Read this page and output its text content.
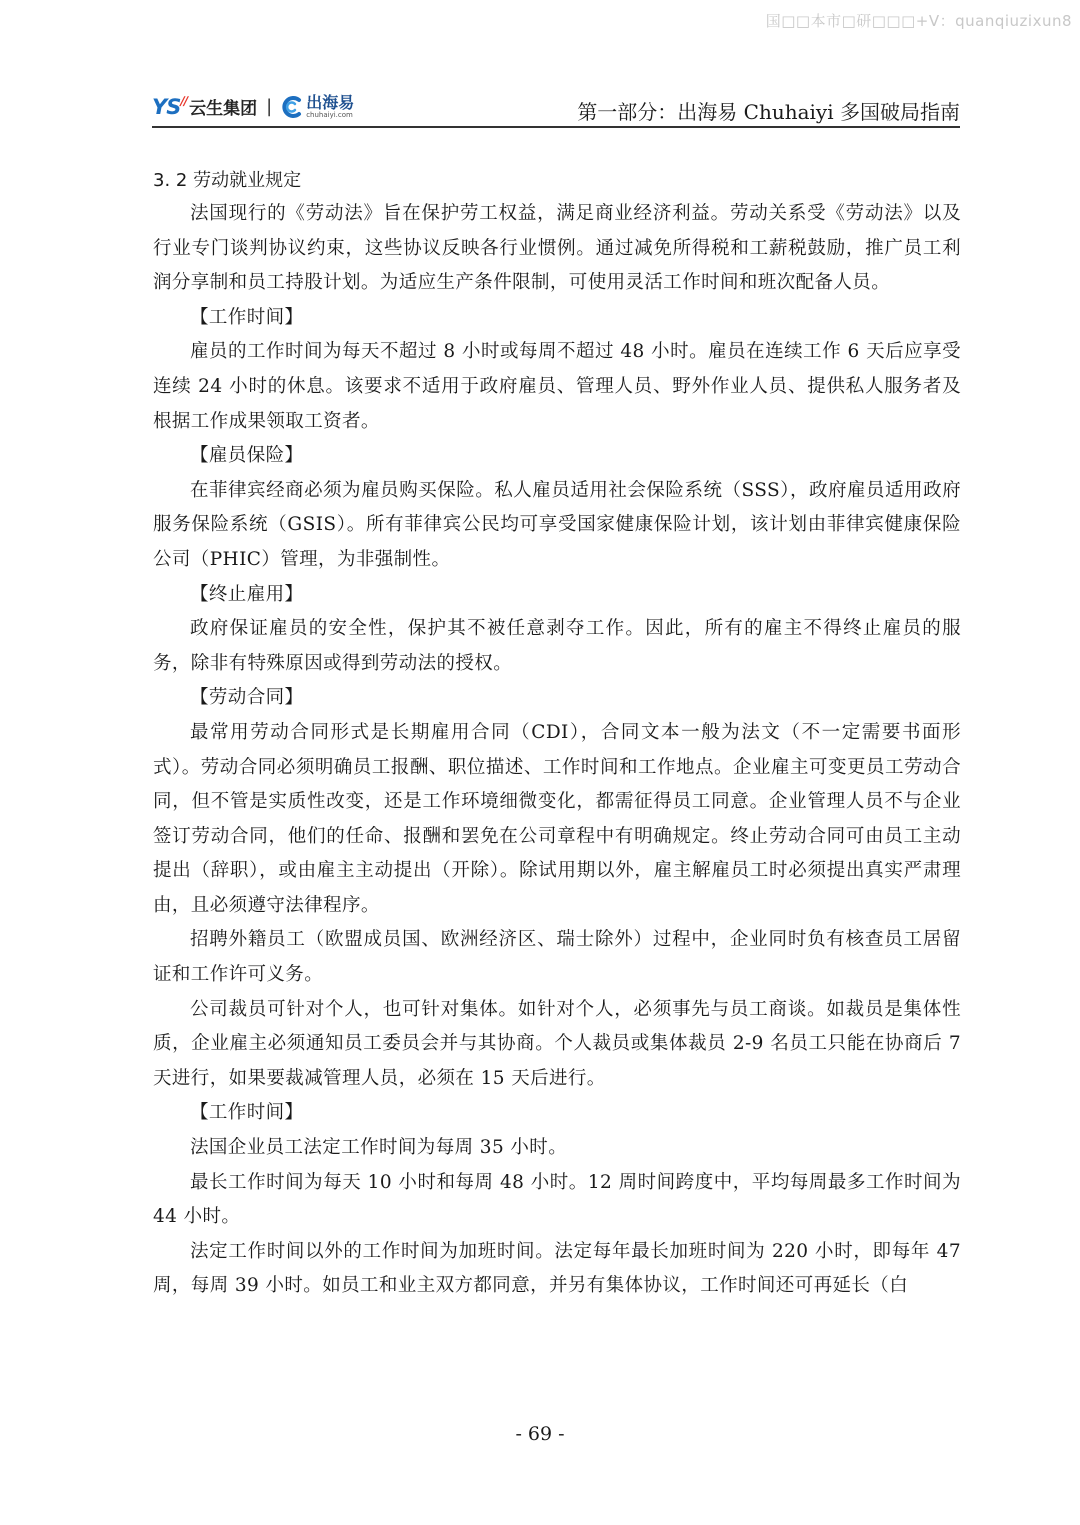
国□□本市□研□□□+V：quanqiuzixun8
YS∕∕ 云生集团 | 出海易
chuhaiyi.com	第一部分：出海易 Chuhaiyi 多国破局指南

3. 2 劳动就业规定

法国现行的《劳动法》旨在保护劳工权益，满足商业经济利益。劳动关系受《劳动法》以及行业专门谈判协议约束，这些协议反映各行业惯例。通过减免所得税和工薪税鼓励，推广员工利润分享制和员工持股计划。为适应生产条件限制，可使用灵活工作时间和班次配备人员。

【工作时间】

雇员的工作时间为每天不超过 8 小时或每周不超过 48 小时。雇员在连续工作 6 天后应享受连续 24 小时的休息。该要求不适用于政府雇员、管理人员、野外作业人员、提供私人服务者及根据工作成果领取工资者。

【雇员保险】

在菲律宾经商必须为雇员购买保险。私人雇员适用社会保险系统（SSS），政府雇员适用政府服务保险系统（GSIS）。所有菲律宾公民均可享受国家健康保险计划，该计划由菲律宾健康保险公司（PHIC）管理，为非强制性。

【终止雇用】

政府保证雇员的安全性，保护其不被任意剥夺工作。因此，所有的雇主不得终止雇员的服务，除非有特殊原因或得到劳动法的授权。

【劳动合同】

最常用劳动合同形式是长期雇用合同（CDI），合同文本一般为法文（不一定需要书面形式）。劳动合同必须明确员工报酬、职位描述、工作时间和工作地点。企业雇主可变更员工劳动合同，但不管是实质性改变，还是工作环境细微变化，都需征得员工同意。企业管理人员不与企业签订劳动合同，他们的任命、报酬和罢免在公司章程中有明确规定。终止劳动合同可由员工主动提出（辞职），或由雇主主动提出（开除）。除试用期以外，雇主解雇员工时必须提出真实严肃理由，且必须遵守法律程序。

招聘外籍员工（欧盟成员国、欧洲经济区、瑞士除外）过程中，企业同时负有核查员工居留证和工作许可义务。

公司裁员可针对个人，也可针对集体。如针对个人，必须事先与员工商谈。如裁员是集体性质，企业雇主必须通知员工委员会并与其协商。个人裁员或集体裁员 2-9 名员工只能在协商后 7 天进行，如果要裁减管理人员，必须在 15 天后进行。

【工作时间】

法国企业员工法定工作时间为每周 35 小时。

最长工作时间为每天 10 小时和每周 48 小时。12 周时间跨度中，平均每周最多工作时间为 44 小时。

法定工作时间以外的工作时间为加班时间。法定每年最长加班时间为 220 小时，即每年 47 周，每周 39 小时。如员工和业主双方都同意，并另有集体协议，工作时间还可再延长（白

- 69 -
